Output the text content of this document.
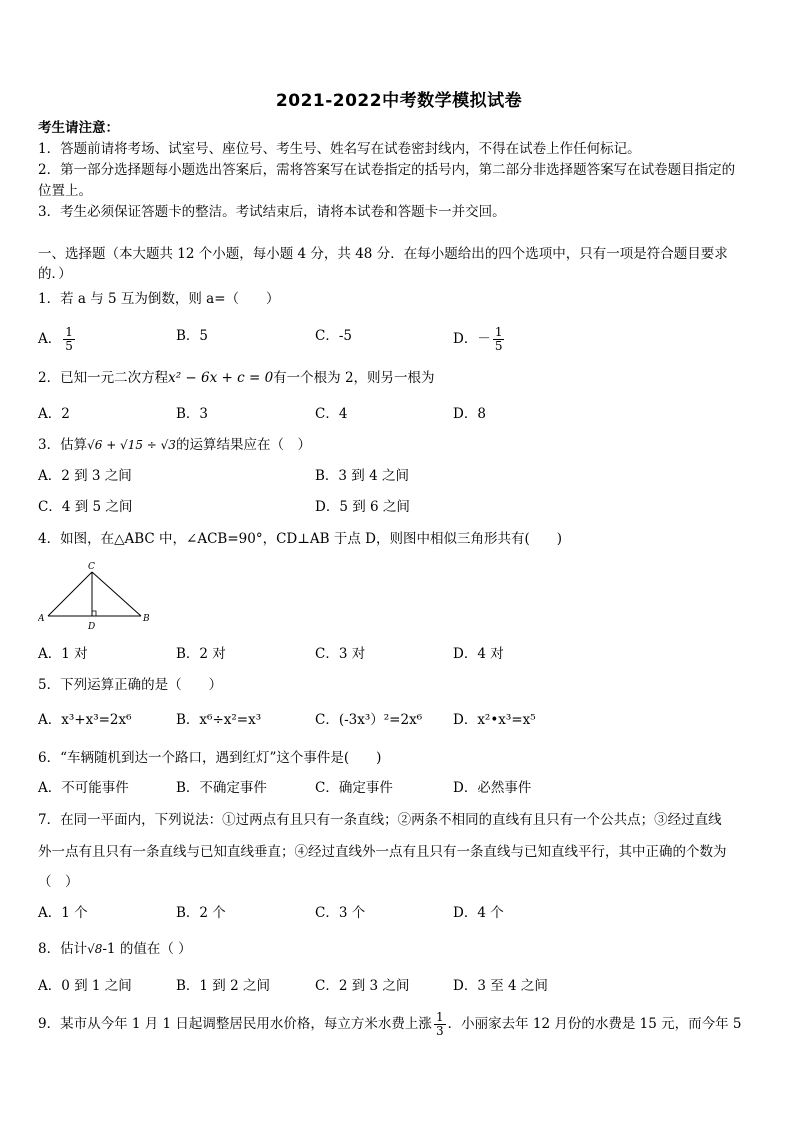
2021-2022中考数学模拟试卷
考生请注意：
1．答题前请将考场、试室号、座位号、考生号、姓名写在试卷密封线内，不得在试卷上作任何标记。
2．第一部分选择题每小题选出答案后，需将答案写在试卷指定的括号内，第二部分非选择题答案写在试卷题目指定的
位置上。
3．考生必须保证答题卡的整洁。考试结束后，请将本试卷和答题卡一并交回。
一、选择题（本大题共 12 个小题，每小题 4 分，共 48 分．在每小题给出的四个选项中，只有一项是符合题目要求
的．）
1．若 a 与 5 互为倒数，则 a=（　　）
A． $\frac{1}{5}$	B．5	C．-5	D．－ $\frac{1}{5}$
2．已知一元二次方程x² − 6x + c = 0有一个根为 2，则另一根为
A．2	B．3	C．4	D．8
3．估算√6 + √15 ÷ √3的运算结果应在（　）
A．2 到 3 之间	B．3 到 4 之间
C．4 到 5 之间	D．5 到 6 之间
4．如图，在△ABC 中，∠ACB=90°，CD⊥AB 于点 D，则图中相似三角形共有(　　)
A	B
C
D
A．1 对	B．2 对	C．3 对	D．4 对
5．下列运算正确的是（　　）
A．x³+x³=2x⁶	B．x⁶÷x²=x³	C．(-3x³）²=2x⁶ D．x²•x³=x⁵
6．“车辆随机到达一个路口，遇到红灯”这个事件是(　　)
A．不可能事件	B．不确定事件	C．确定事件	D．必然事件
7．在同一平面内，下列说法：①过两点有且只有一条直线；②两条不相同的直线有且只有一个公共点；③经过直线
外一点有且只有一条直线与已知直线垂直；④经过直线外一点有且只有一条直线与已知直线平行，其中正确的个数为
（　）
A．1 个	B．2 个	C．3 个	D．4 个
8．估计√8-1 的值在（ ）
A．0 到 1 之间	B．1 到 2 之间	C．2 到 3 之间	D．3 至 4 之间
9．某市从今年 1 月 1 日起调整居民用水价格，每立方米水费上涨 $\frac{1}{3}$ ．小丽家去年 12 月份的水费是 15 元，而今年 5
